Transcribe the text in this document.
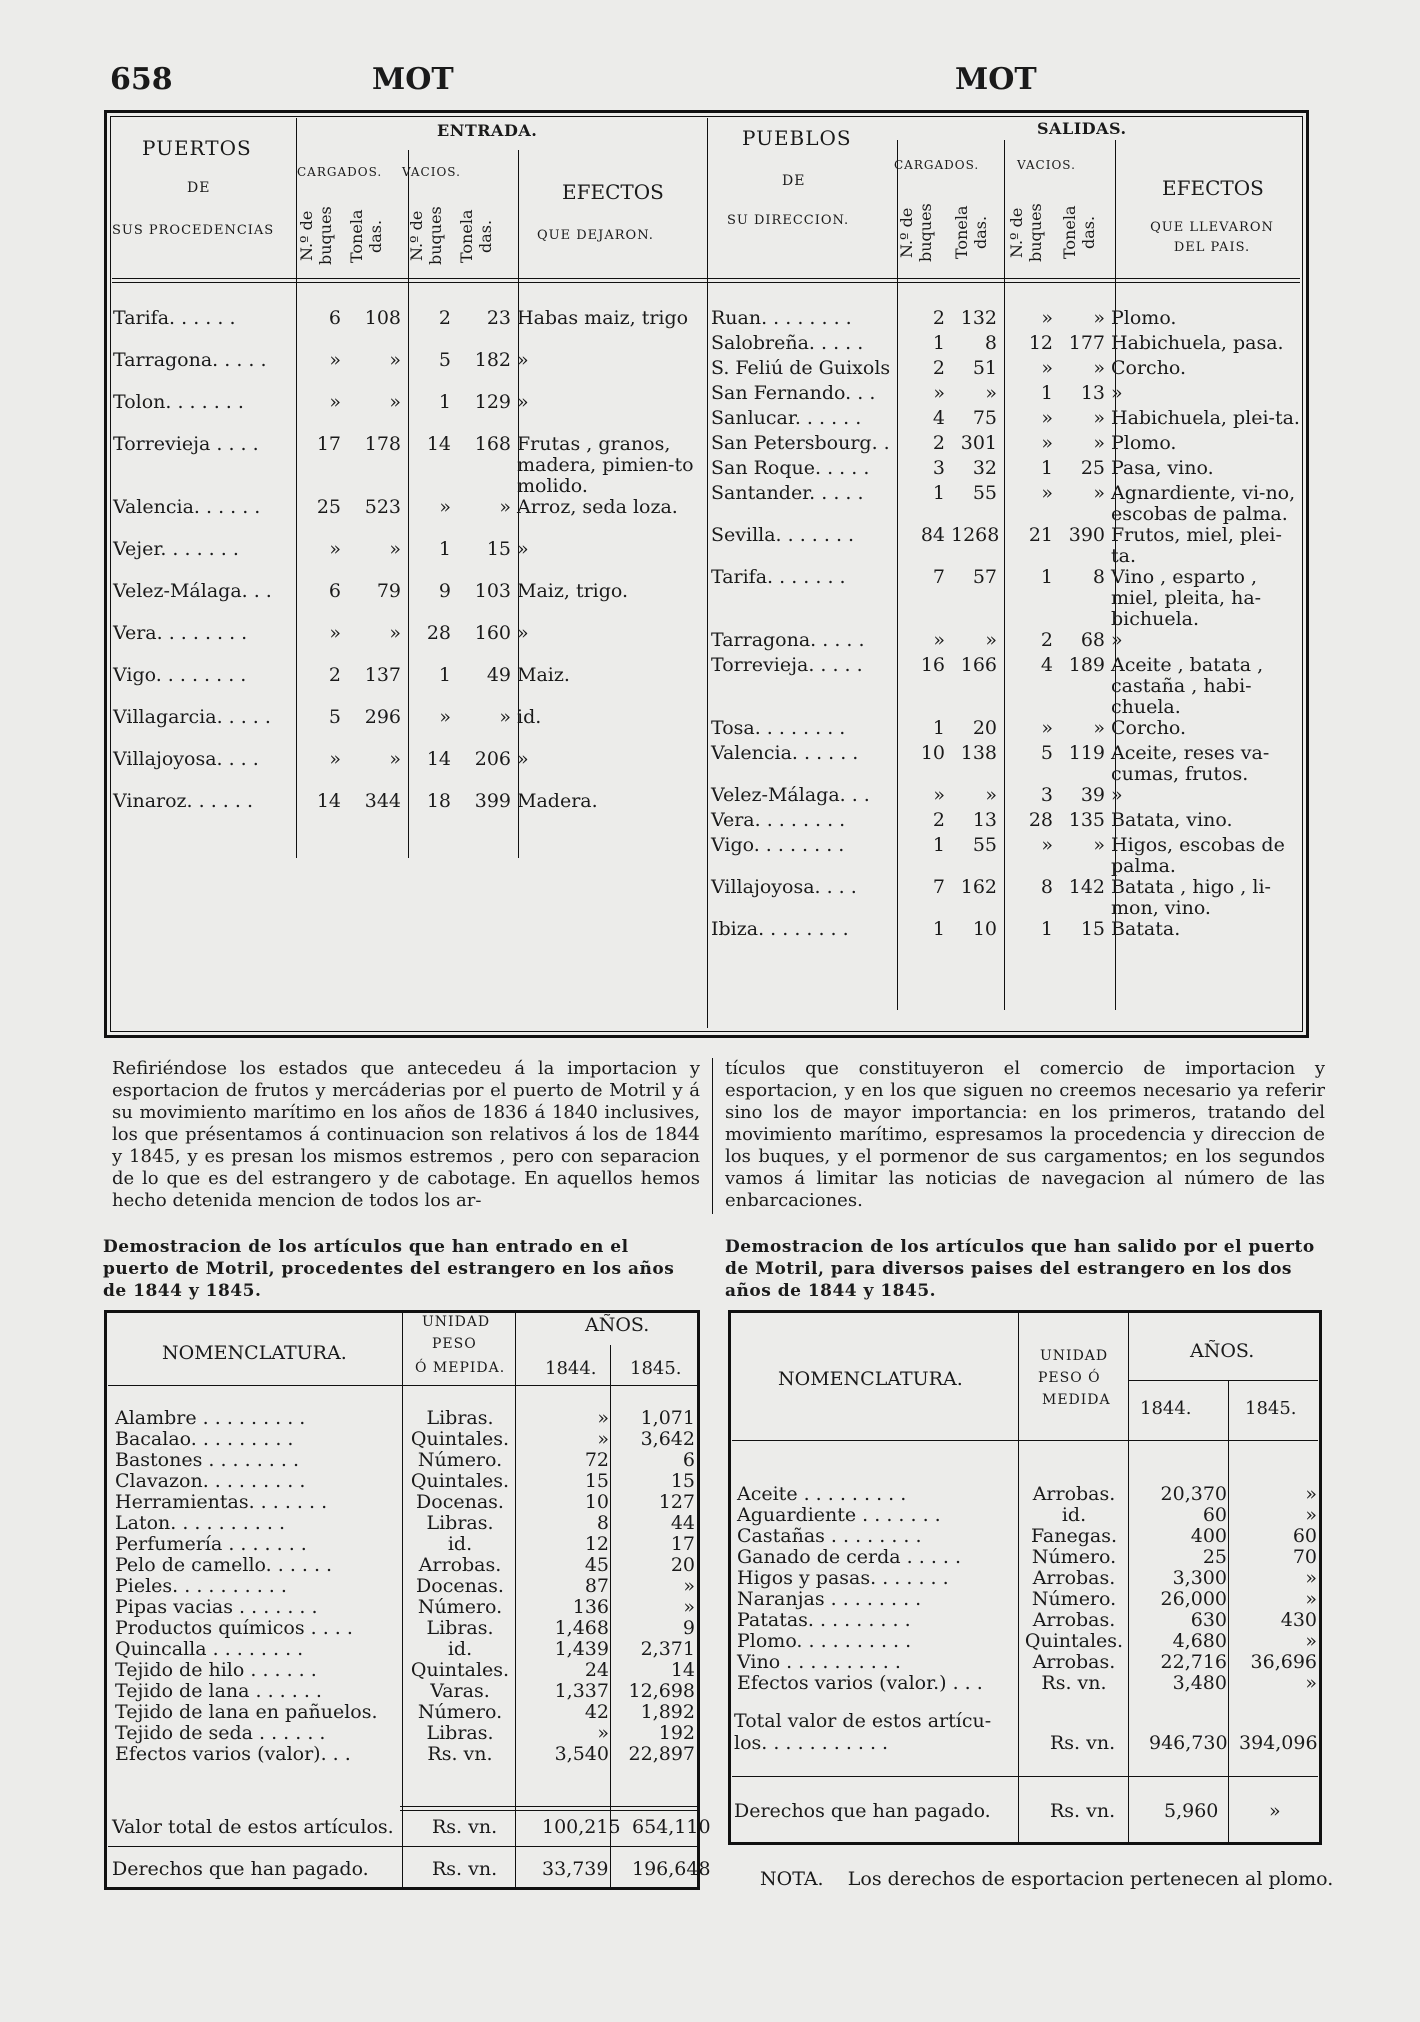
658	MOT	MOT
PUERTOS
DE
SUS PROCEDENCIAS
ENTRADA.
CARGADOS. VACIOS.
N.º de buques Tonela das.	N.º de buques Tonela das.
EFECTOS
QUE DEJARON.
PUEBLOS
DE
SU DIRECCION.
SALIDAS.
CARGADOS.	VACIOS.
N.º de buques	Tonela das.	N.º de buques Tonela das.
EFECTOS
QUE LLEVARON DEL PAIS.
Tarifa. . . . . .	6	108	2	23	Habas maiz, trigo
Tarragona. . . . .	»	»	5	182	»
Tolon. . . . . . .	»	»	1	129	»
Torrevieja . . . .	17	178	14	168	Frutas , granos, madera, pimien-to molido.
Valencia. . . . . .	25	523	»	»	Arroz, seda loza.
Vejer. . . . . . .	»	»	1	15	»
Velez-Málaga. . .	6	79	9	103	Maiz, trigo.
Vera. . . . . . . .	»	»	28	160	»
Vigo. . . . . . . .	2	137	1	49	Maiz.
Villagarcia. . . . .	5	296	»	»	id.
Villajoyosa. . . .	»	»	14	206	»
Vinaroz. . . . . .	14	344	18	399	Madera.
Ruan. . . . . . . .	2	132	»	»	Plomo.
Salobreña. . . . .	1	8	12	177	Habichuela, pasa.
S. Feliú de Guixols	2	51	»	»	Corcho.
San Fernando. . .	»	»	1	13	»
Sanlucar. . . . . .	4	75	»	»	Habichuela, plei-ta.
San Petersbourg. .	2	301	»	»	Plomo.
San Roque. . . . .	3	32	1	25	Pasa, vino.
Santander. . . . .	1	55	»	»	Agnardiente, vi-no, escobas de palma.
Sevilla. . . . . . .	84	1268	21	390	Frutos, miel, plei-ta.
Tarifa. . . . . . .	7	57	1	8	Vino , esparto , miel, pleita, ha-bichuela.
Tarragona. . . . .	»	»	2	68	»
Torrevieja. . . . .	16	166	4	189	Aceite , batata , castaña , habi-chuela.
Tosa. . . . . . . .	1	20	»	»	Corcho.
Valencia. . . . . .	10	138	5	119	Aceite, reses va-cumas, frutos.
Velez-Málaga. . .	»	»	3	39	»
Vera. . . . . . . .	2	13	28	135	Batata, vino.
Vigo. . . . . . . .	1	55	»	»	Higos, escobas de palma.
Villajoyosa. . . .	7	162	8	142	Batata , higo , li-mon, vino.
Ibiza. . . . . . . .	1	10	1	15	Batata.
Refiriéndose los estados que antecedeu á la importacion y esportacion de frutos y mercáderias por el puerto de Motril y á su movimiento marítimo en los años de 1836 á 1840 inclusives, los que présentamos á continuacion son relativos á los de 1844 y 1845, y es presan los mismos estremos , pero con separacion de lo que es del estrangero y de cabotage. En aquellos hemos hecho detenida mencion de todos los ar-
tículos que constituyeron el comercio de importacion y esportacion, y en los que siguen no creemos necesario ya referir sino los de mayor importancia: en los primeros, tratando del movimiento marítimo, espresamos la procedencia y direccion de los buques, y el pormenor de sus cargamentos; en los segundos vamos á limitar las noticias de navegacion al número de las enbarcaciones.
Demostracion de los artículos que han entrado en el puerto de Motril, procedentes del estrangero en los años de 1844 y 1845.
NOMENCLATURA.
UNIDAD
PESO
Ó MEPIDA.
AÑOS.
1844. 1845.
Alambre . . . . . . . . .	Libras.	»	1,071
Bacalao. . . . . . . . .	Quintales.	»	3,642
Bastones . . . . . . . .	Número.	72	6
Clavazon. . . . . . . . .	Quintales.	15	15
Herramientas. . . . . . .	Docenas.	10	127
Laton. . . . . . . . . .	Libras.	8	44
Perfumería . . . . . . .	id.	12	17
Pelo de camello. . . . . .	Arrobas.	45	20
Pieles. . . . . . . . . .	Docenas.	87	»
Pipas vacias . . . . . . .	Número.	136	»
Productos químicos . . . .	Libras.	1,468	9
Quincalla . . . . . . . .	id.	1,439	2,371
Tejido de hilo . . . . . .	Quintales.	24	14
Tejido de lana . . . . . .	Varas.	1,337	12,698
Tejido de lana en pañuelos.	Número.	42	1,892
Tejido de seda . . . . . .	Libras.	»	192
Efectos varios (valor). . .	Rs. vn.	3,540	22,897
Valor total de estos artículos. Rs. vn. 100,215 654,110
Derechos que han pagado.	Rs. vn. 33,739 196,648
Demostracion de los artículos que han salido por el puerto de Motril, para diversos paises del estrangero en los dos años de 1844 y 1845.
NOMENCLATURA.
UNIDAD
PESO Ó
MEDIDA
AÑOS.
1844.	1845.
Aceite . . . . . . . . .	Arrobas.	20,370	»
Aguardiente . . . . . . .	id.	60	»
Castañas . . . . . . . .	Fanegas.	400	60
Ganado de cerda . . . . .	Número.	25	70
Higos y pasas. . . . . . .	Arrobas.	3,300	»
Naranjas . . . . . . . .	Número.	26,000	»
Patatas. . . . . . . . .	Arrobas.	630	430
Plomo. . . . . . . . . .	Quintales.	4,680	»
Vino . . . . . . . . . .	Arrobas.	22,716	36,696
Efectos varios (valor.) . . .	Rs. vn.	3,480	»
Total valor de estos artícu-
los. . . . . . . . . . .	Rs. vn. 946,730 394,096
Derechos que han pagado.	Rs. vn.	5,960	»
NOTA. Los derechos de esportacion pertenecen al plomo.
